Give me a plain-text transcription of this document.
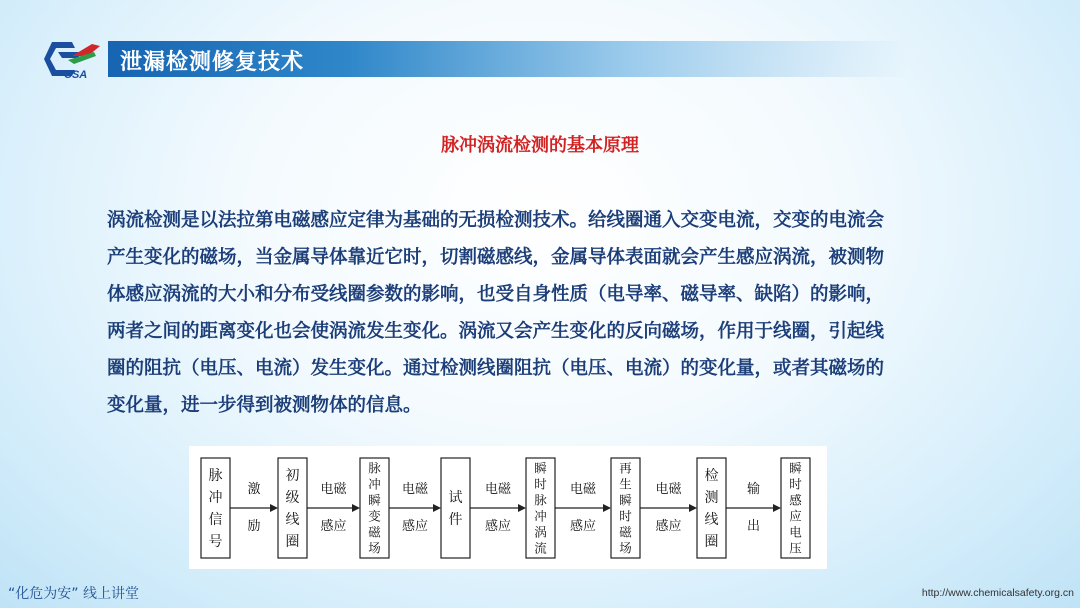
CSA 泄漏检测修复技术
脉冲涡流检测的基本原理
涡流检测是以法拉第电磁感应定律为基础的无损检测技术。给线圈通入交变电流，交变的电流会
产生变化的磁场，当金属导体靠近它时，切割磁感线，金属导体表面就会产生感应涡流，被测物
体感应涡流的大小和分布受线圈参数的影响，也受自身性质（电导率、磁导率、缺陷）的影响，
两者之间的距离变化也会使涡流发生变化。涡流又会产生变化的反向磁场，作用于线圈，引起线
圈的阻抗（电压、电流）发生变化。通过检测线圈阻抗（电压、电流）的变化量，或者其磁场的
变化量，进一步得到被测物体的信息。
脉冲信号
初级线圈
脉冲瞬变磁场
试件
瞬时脉冲涡流
再生瞬时磁场
检测线圈
瞬时感应电压
激
励
电磁
感应
电磁
感应
电磁
感应
电磁
感应
电磁
感应
输
出
“化危为安” 线上讲堂	http://www.chemicalsafety.org.cn
